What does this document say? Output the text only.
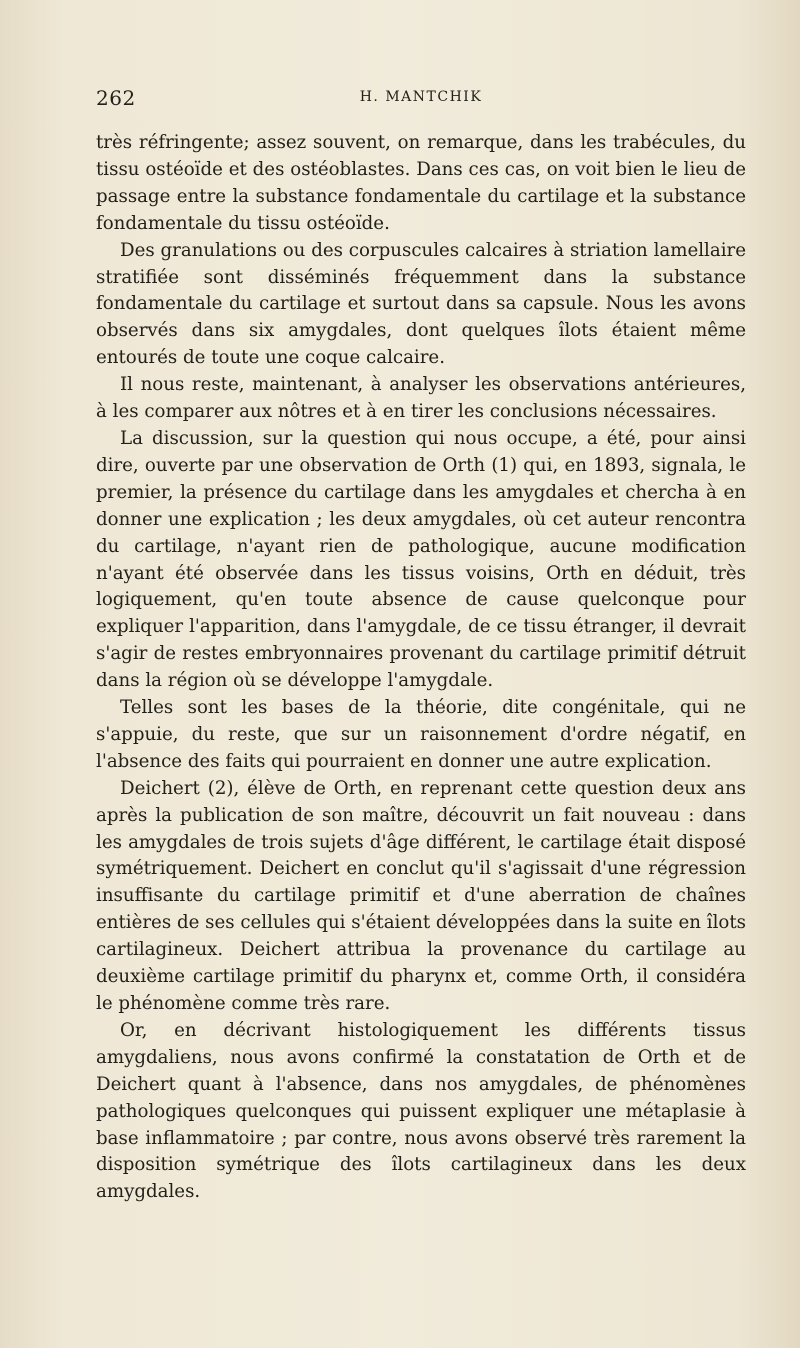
262	H. MANTCHIK

très réfringente; assez souvent, on remarque, dans les trabécules, du tissu ostéoïde et des ostéoblastes. Dans ces cas, on voit bien le lieu de passage entre la substance fondamentale du cartilage et la substance fondamentale du tissu ostéoïde.

Des granulations ou des corpuscules calcaires à striation lamellaire stratifiée sont disséminés fréquemment dans la substance fondamentale du cartilage et surtout dans sa capsule. Nous les avons observés dans six amygdales, dont quelques îlots étaient même entourés de toute une coque calcaire.

Il nous reste, maintenant, à analyser les observations antérieures, à les comparer aux nôtres et à en tirer les conclusions nécessaires.

La discussion, sur la question qui nous occupe, a été, pour ainsi dire, ouverte par une observation de Orth (1) qui, en 1893, signala, le premier, la présence du cartilage dans les amygdales et chercha à en donner une explication ; les deux amygdales, où cet auteur rencontra du cartilage, n'ayant rien de pathologique, aucune modification n'ayant été observée dans les tissus voisins, Orth en déduit, très logiquement, qu'en toute absence de cause quelconque pour expliquer l'apparition, dans l'amygdale, de ce tissu étranger, il devrait s'agir de restes embryonnaires provenant du cartilage primitif détruit dans la région où se développe l'amygdale.

Telles sont les bases de la théorie, dite congénitale, qui ne s'appuie, du reste, que sur un raisonnement d'ordre négatif, en l'absence des faits qui pourraient en donner une autre explication.

Deichert (2), élève de Orth, en reprenant cette question deux ans après la publication de son maître, découvrit un fait nouveau : dans les amygdales de trois sujets d'âge différent, le cartilage était disposé symétriquement. Deichert en conclut qu'il s'agissait d'une régression insuffisante du cartilage primitif et d'une aberration de chaînes entières de ses cellules qui s'étaient développées dans la suite en îlots cartilagineux. Deichert attribua la provenance du cartilage au deuxième cartilage primitif du pharynx et, comme Orth, il considéra le phénomène comme très rare.

Or, en décrivant histologiquement les différents tissus amygdaliens, nous avons confirmé la constatation de Orth et de Deichert quant à l'absence, dans nos amygdales, de phénomènes pathologiques quelconques qui puissent expliquer une métaplasie à base inflammatoire ; par contre, nous avons observé très rarement la disposition symétrique des îlots cartilagineux dans les deux amygdales.
